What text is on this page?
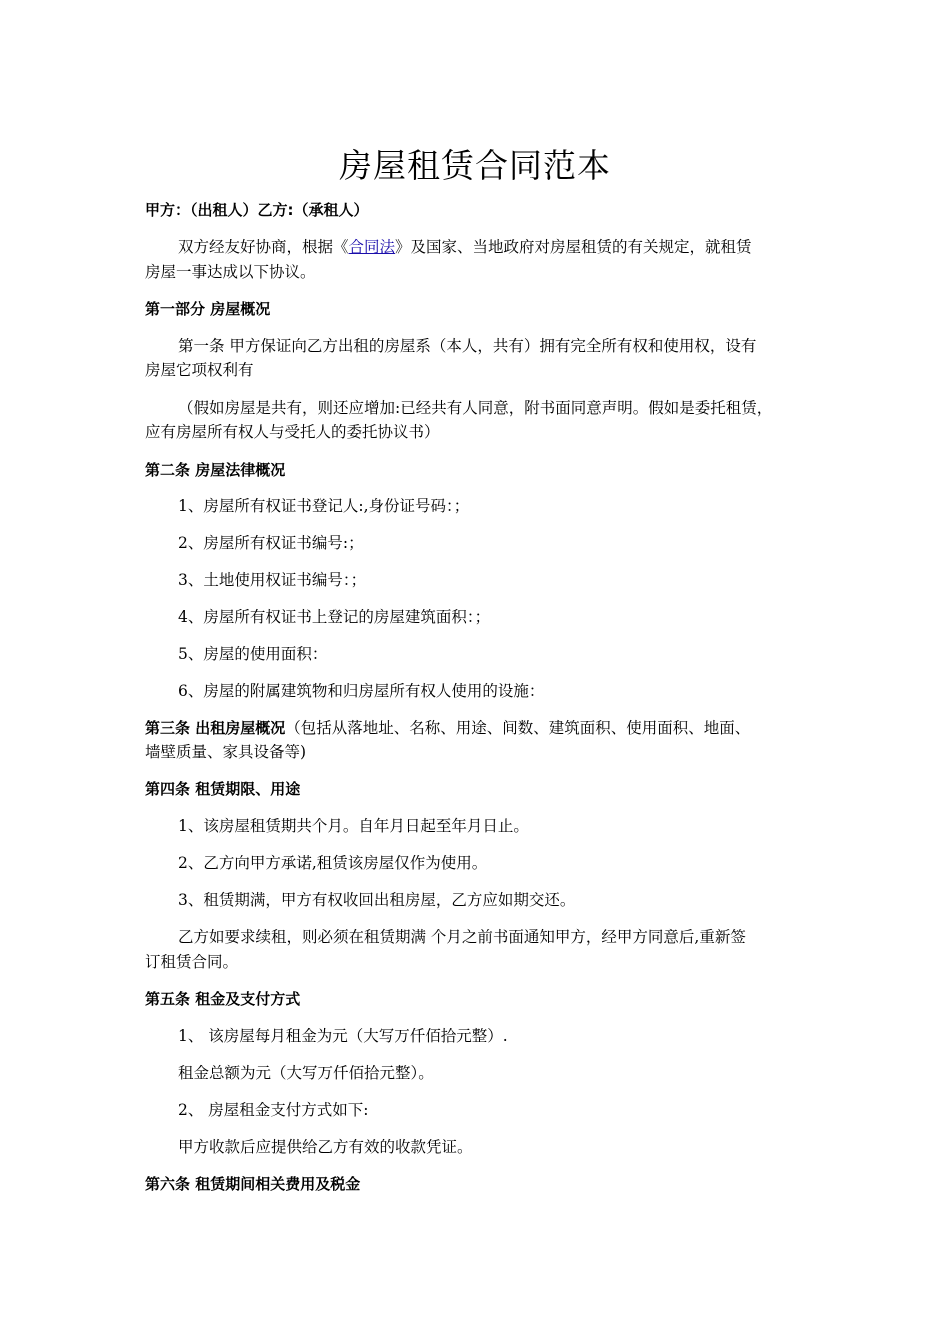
房屋租赁合同范本
甲方：（出租人）乙方:（承租人）
双方经友好协商，根据《合同法》及国家、当地政府对房屋租赁的有关规定，就租赁
房屋一事达成以下协议。
第一部分 房屋概况
第一条 甲方保证向乙方出租的房屋系（本人，共有）拥有完全所有权和使用权，设有
房屋它项权利有
（假如房屋是共有，则还应增加:已经共有人同意，附书面同意声明。假如是委托租赁，
应有房屋所有权人与受托人的委托协议书）
第二条 房屋法律概况
1、房屋所有权证书登记人:,身份证号码：；
2、房屋所有权证书编号:；
3、土地使用权证书编号：；
4、房屋所有权证书上登记的房屋建筑面积：；
5、房屋的使用面积：
6、房屋的附属建筑物和归房屋所有权人使用的设施：
第三条 出租房屋概况（包括从落地址、名称、用途、间数、建筑面积、使用面积、地面、
墙壁质量、家具设备等)
第四条 租赁期限、用途
1、该房屋租赁期共个月。自年月日起至年月日止。
2、乙方向甲方承诺,租赁该房屋仅作为使用。
3、租赁期满，甲方有权收回出租房屋，乙方应如期交还。
乙方如要求续租，则必须在租赁期满 个月之前书面通知甲方，经甲方同意后,重新签
订租赁合同。
第五条 租金及支付方式
1、 该房屋每月租金为元（大写万仟佰拾元整）.
租金总额为元（大写万仟佰拾元整）。
2、 房屋租金支付方式如下:
甲方收款后应提供给乙方有效的收款凭证。
第六条 租赁期间相关费用及税金
